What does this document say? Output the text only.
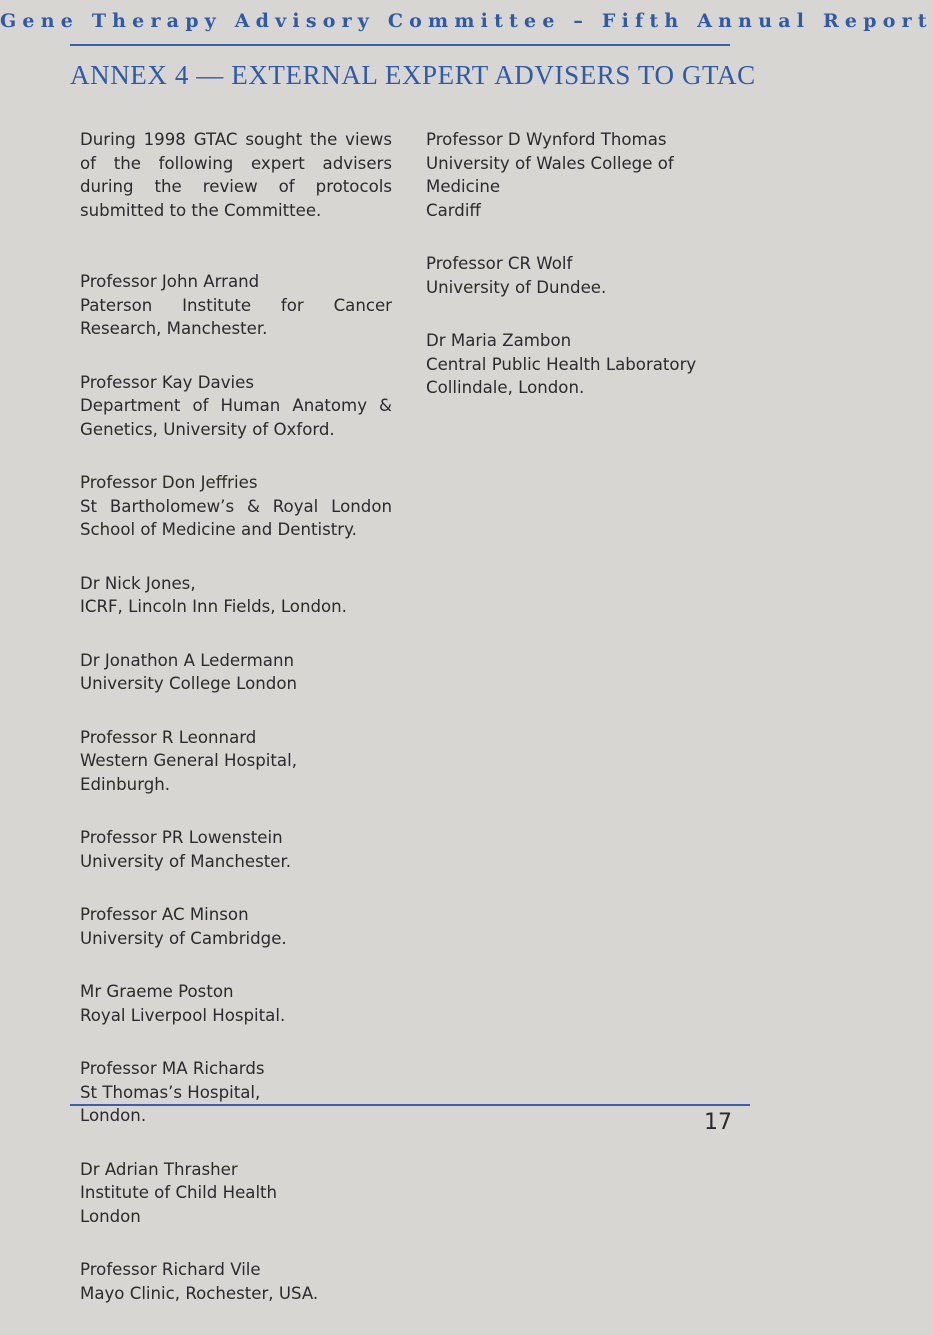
Gene Therapy Advisory Committee – Fifth Annual Report
ANNEX 4 — EXTERNAL EXPERT ADVISERS TO GTAC

During 1998 GTAC sought the views of the following expert advisers during the review of protocols submitted to the Committee.

Professor John Arrand
Paterson Institute for Cancer Research, Manchester.
Professor Kay Davies
Department of Human Anatomy & Genetics, University of Oxford.
Professor Don Jeffries
St Bartholomew’s & Royal London School of Medicine and Dentistry.
Dr Nick Jones,
ICRF, Lincoln Inn Fields, London.
Dr Jonathon A Ledermann
University College London
Professor R Leonnard
Western General Hospital, Edinburgh.
Professor PR Lowenstein
University of Manchester.
Professor AC Minson
University of Cambridge.
Mr Graeme Poston
Royal Liverpool Hospital.
Professor MA Richards
St Thomas’s Hospital,
London.
Dr Adrian Thrasher
Institute of Child Health
London
Professor Richard Vile
Mayo Clinic, Rochester, USA.
Professor D Wynford Thomas
University of Wales College of Medicine
Cardiff
Professor CR Wolf
University of Dundee.
Dr Maria Zambon
Central Public Health Laboratory
Collindale, London.
17
